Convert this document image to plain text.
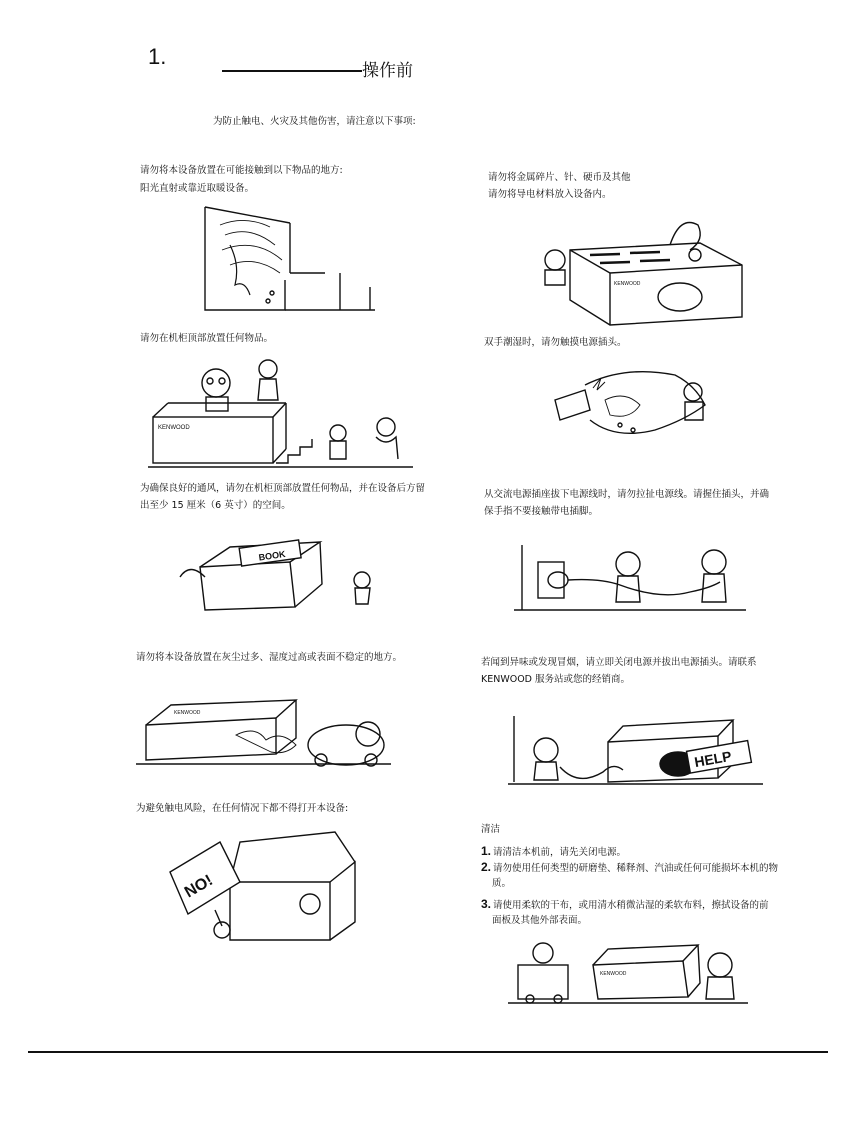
1.
操作前
为防止触电、火灾及其他伤害，请注意以下事项:
请勿将本设备放置在可能接触到以下物品的地方:
阳光直射或靠近取暖设备。
请勿在机柜顶部放置任何物品。
为确保良好的通风，请勿在机柜顶部放置任何物品，并在设备后方留
出至少 15 厘米（6 英寸）的空间。
请勿将本设备放置在灰尘过多、湿度过高或表面不稳定的地方。
为避免触电风险，在任何情况下都不得打开本设备:
请勿将金属碎片、针、硬币及其他
请勿将导电材料放入设备内。
双手潮湿时，请勿触摸电源插头。
从交流电源插座拔下电源线时，请勿拉扯电源线。请握住插头，并确
保手指不要接触带电插脚。
若闻到异味或发现冒烟，请立即关闭电源并拔出电源插头。请联系
KENWOOD 服务站或您的经销商。
清洁
1. 请清洁本机前，请先关闭电源。
2. 请勿使用任何类型的研磨垫、稀释剂、汽油或任何可能损坏本机的物
质。
3. 请使用柔软的干布，或用清水稍微沾湿的柔软布料，擦拭设备的前
面板及其他外部表面。
KENWOOD
BOOK
KENWOOD
NO!
KENWOOD
HELP
KENWOOD
